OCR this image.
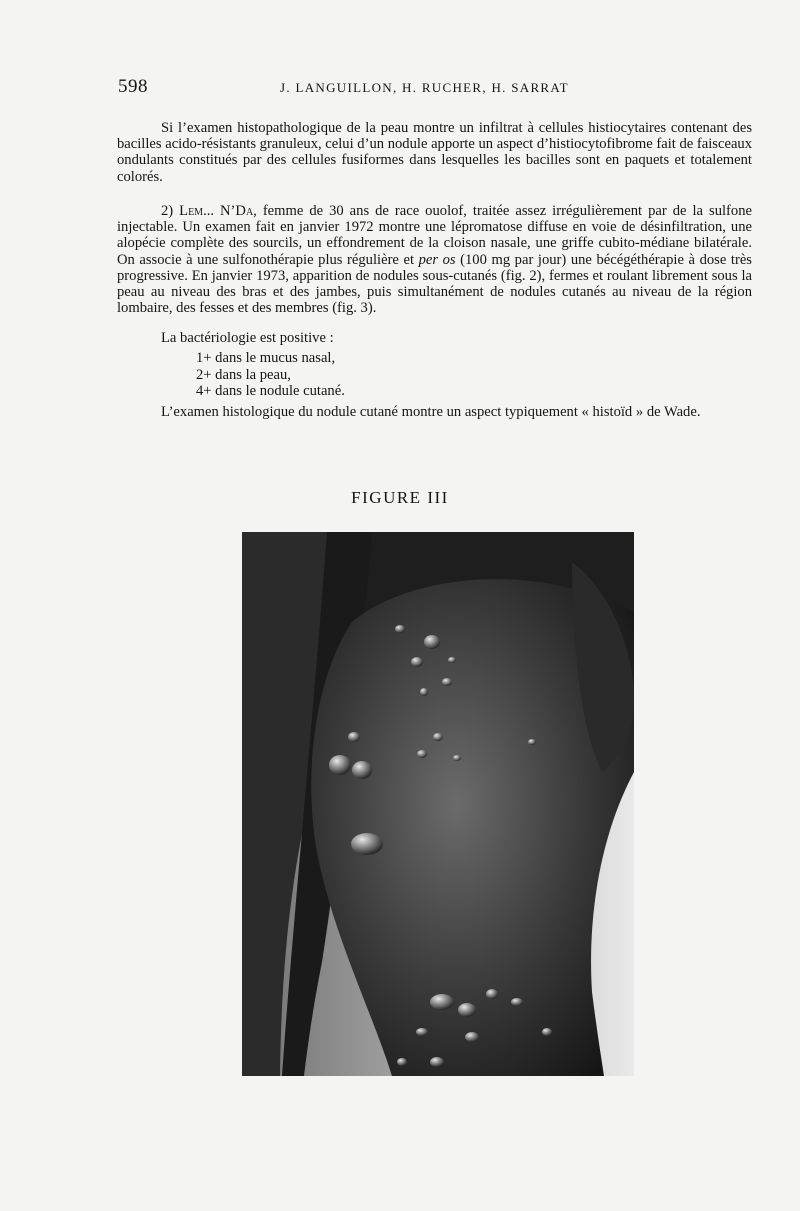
598	J. LANGUILLON, H. RUCHER, H. SARRAT

Si l’examen histopathologique de la peau montre un infiltrat à cellules histiocytaires contenant des bacilles acido-résistants granuleux, celui d’un nodule apporte un aspect d’histiocytofibrome fait de faisceaux ondulants constitués par des cellules fusiformes dans lesquelles les bacilles sont en paquets et totalement colorés.

2) Lem... N’Da, femme de 30 ans de race ouolof, traitée assez irrégulièrement par de la sulfone injectable. Un examen fait en janvier 1972 montre une lépromatose diffuse en voie de désinfiltration, une alopécie complète des sourcils, un effondrement de la cloison nasale, une griffe cubito-médiane bilatérale. On associe à une sulfonothérapie plus régulière et per os (100 mg par jour) une bécégéthérapie à dose très progressive. En janvier 1973, apparition de nodules sous-cutanés (fig. 2), fermes et roulant librement sous la peau au niveau des bras et des jambes, puis simultanément de nodules cutanés au niveau de la région lombaire, des fesses et des membres (fig. 3).

La bactériologie est positive :

1+ dans le mucus nasal,
2+ dans la peau,
4+ dans le nodule cutané.

L’examen histologique du nodule cutané montre un aspect typiquement « histoïd » de Wade.

FIGURE III
